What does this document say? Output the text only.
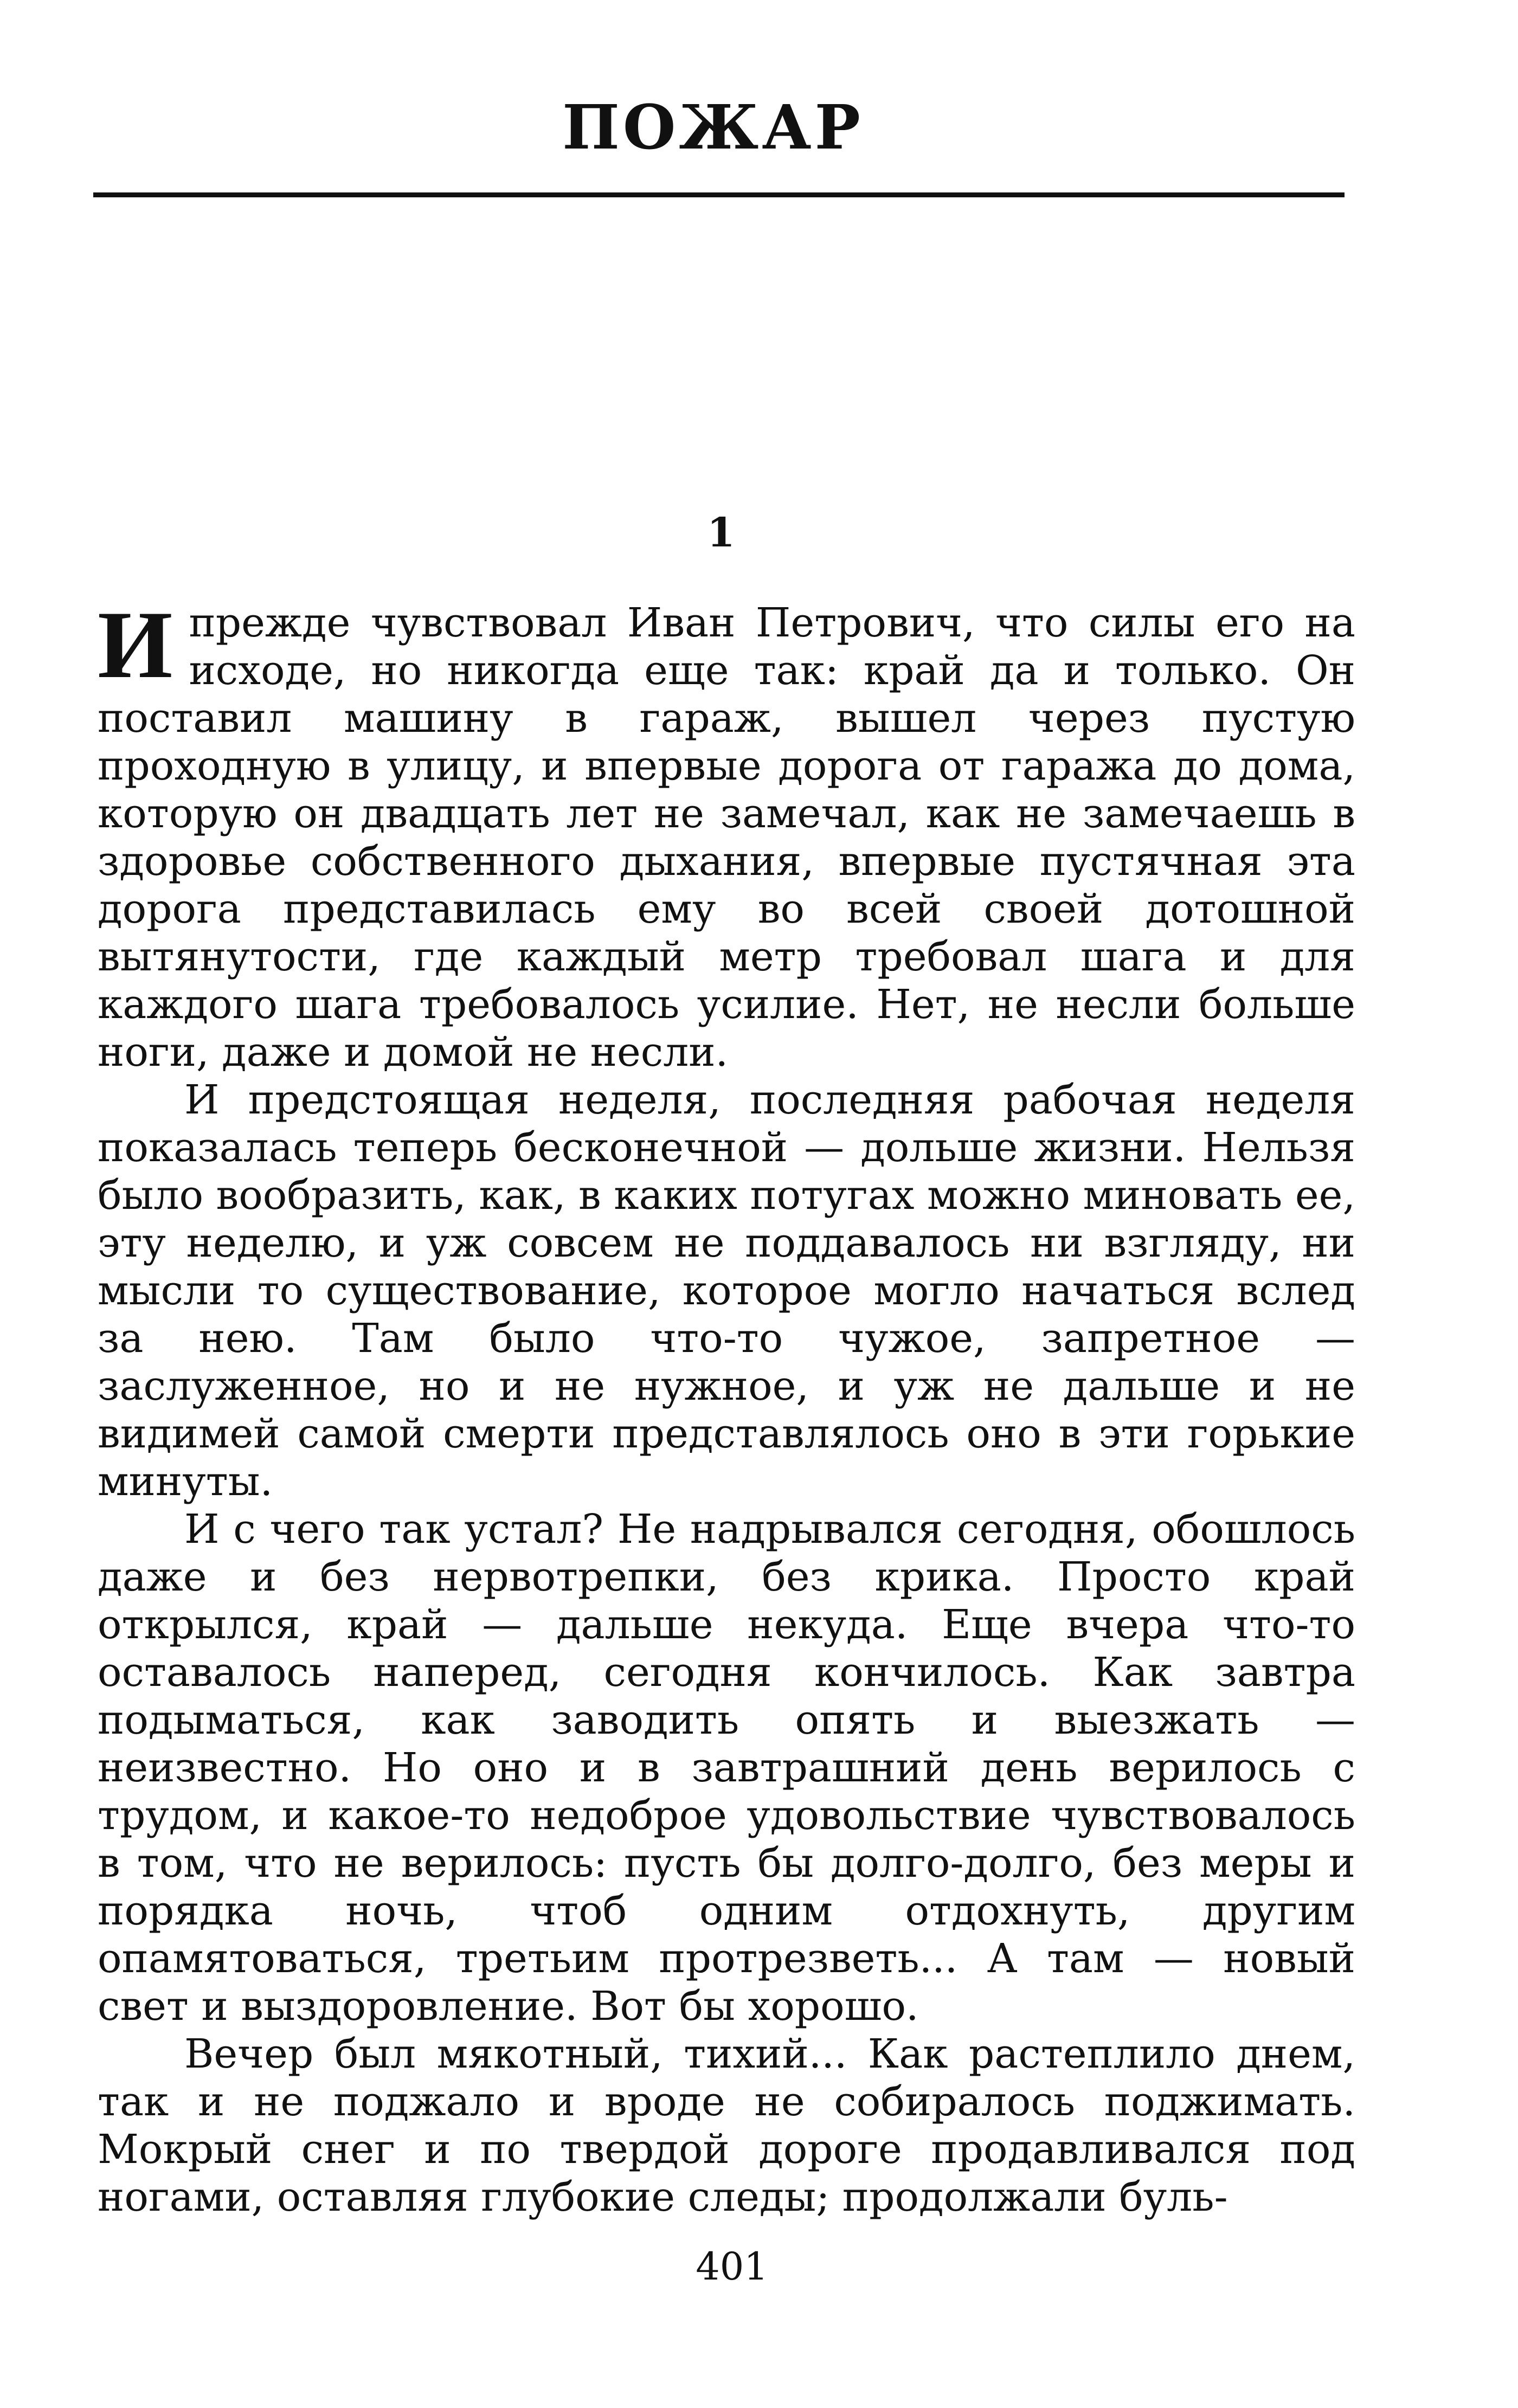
ПОЖАР
1

Ипрежде чувствовал Иван Петрович, что силы его на исходе, но никогда еще так: край да и только. Он поставил машину в гараж, вышел через пустую проходную в улицу, и впервые дорога от гаража до дома, которую он двадцать лет не замечал, как не замечаешь в здоровье собственного дыхания, впервые пустячная эта дорога представилась ему во всей своей дотошной вытянутости, где каждый метр требовал шага и для каждого шага требовалось усилие. Нет, не несли больше ноги, даже и домой не несли.

И предстоящая неделя, последняя рабочая неделя показалась теперь бесконечной — дольше жизни. Нельзя было вообразить, как, в каких потугах можно миновать ее, эту неделю, и уж совсем не поддавалось ни взгляду, ни мысли то существование, которое могло начаться вслед за нею. Там было что-то чужое, запретное — заслуженное, но и не нужное, и уж не дальше и не видимей самой смерти представлялось оно в эти горькие минуты.

И с чего так устал? Не надрывался сегодня, обошлось даже и без нервотрепки, без крика. Просто край открылся, край — дальше некуда. Еще вчера что-то оставалось наперед, сегодня кончилось. Как завтра подыматься, как заводить опять и выезжать — неизвестно. Но оно и в завтрашний день верилось с трудом, и какое-то недоброе удовольствие чувствовалось в том, что не верилось: пусть бы долго-долго, без меры и порядка ночь, чтоб одним отдохнуть, другим опамятоваться, третьим протрезветь... А там — новый свет и выздоровление. Вот бы хорошо.

Вечер был мякотный, тихий... Как растеплило днем, так и не поджало и вроде не собиралось поджимать. Мокрый снег и по твердой дороге продавливался под ногами, оставляя глубокие следы; продолжали буль-

401
